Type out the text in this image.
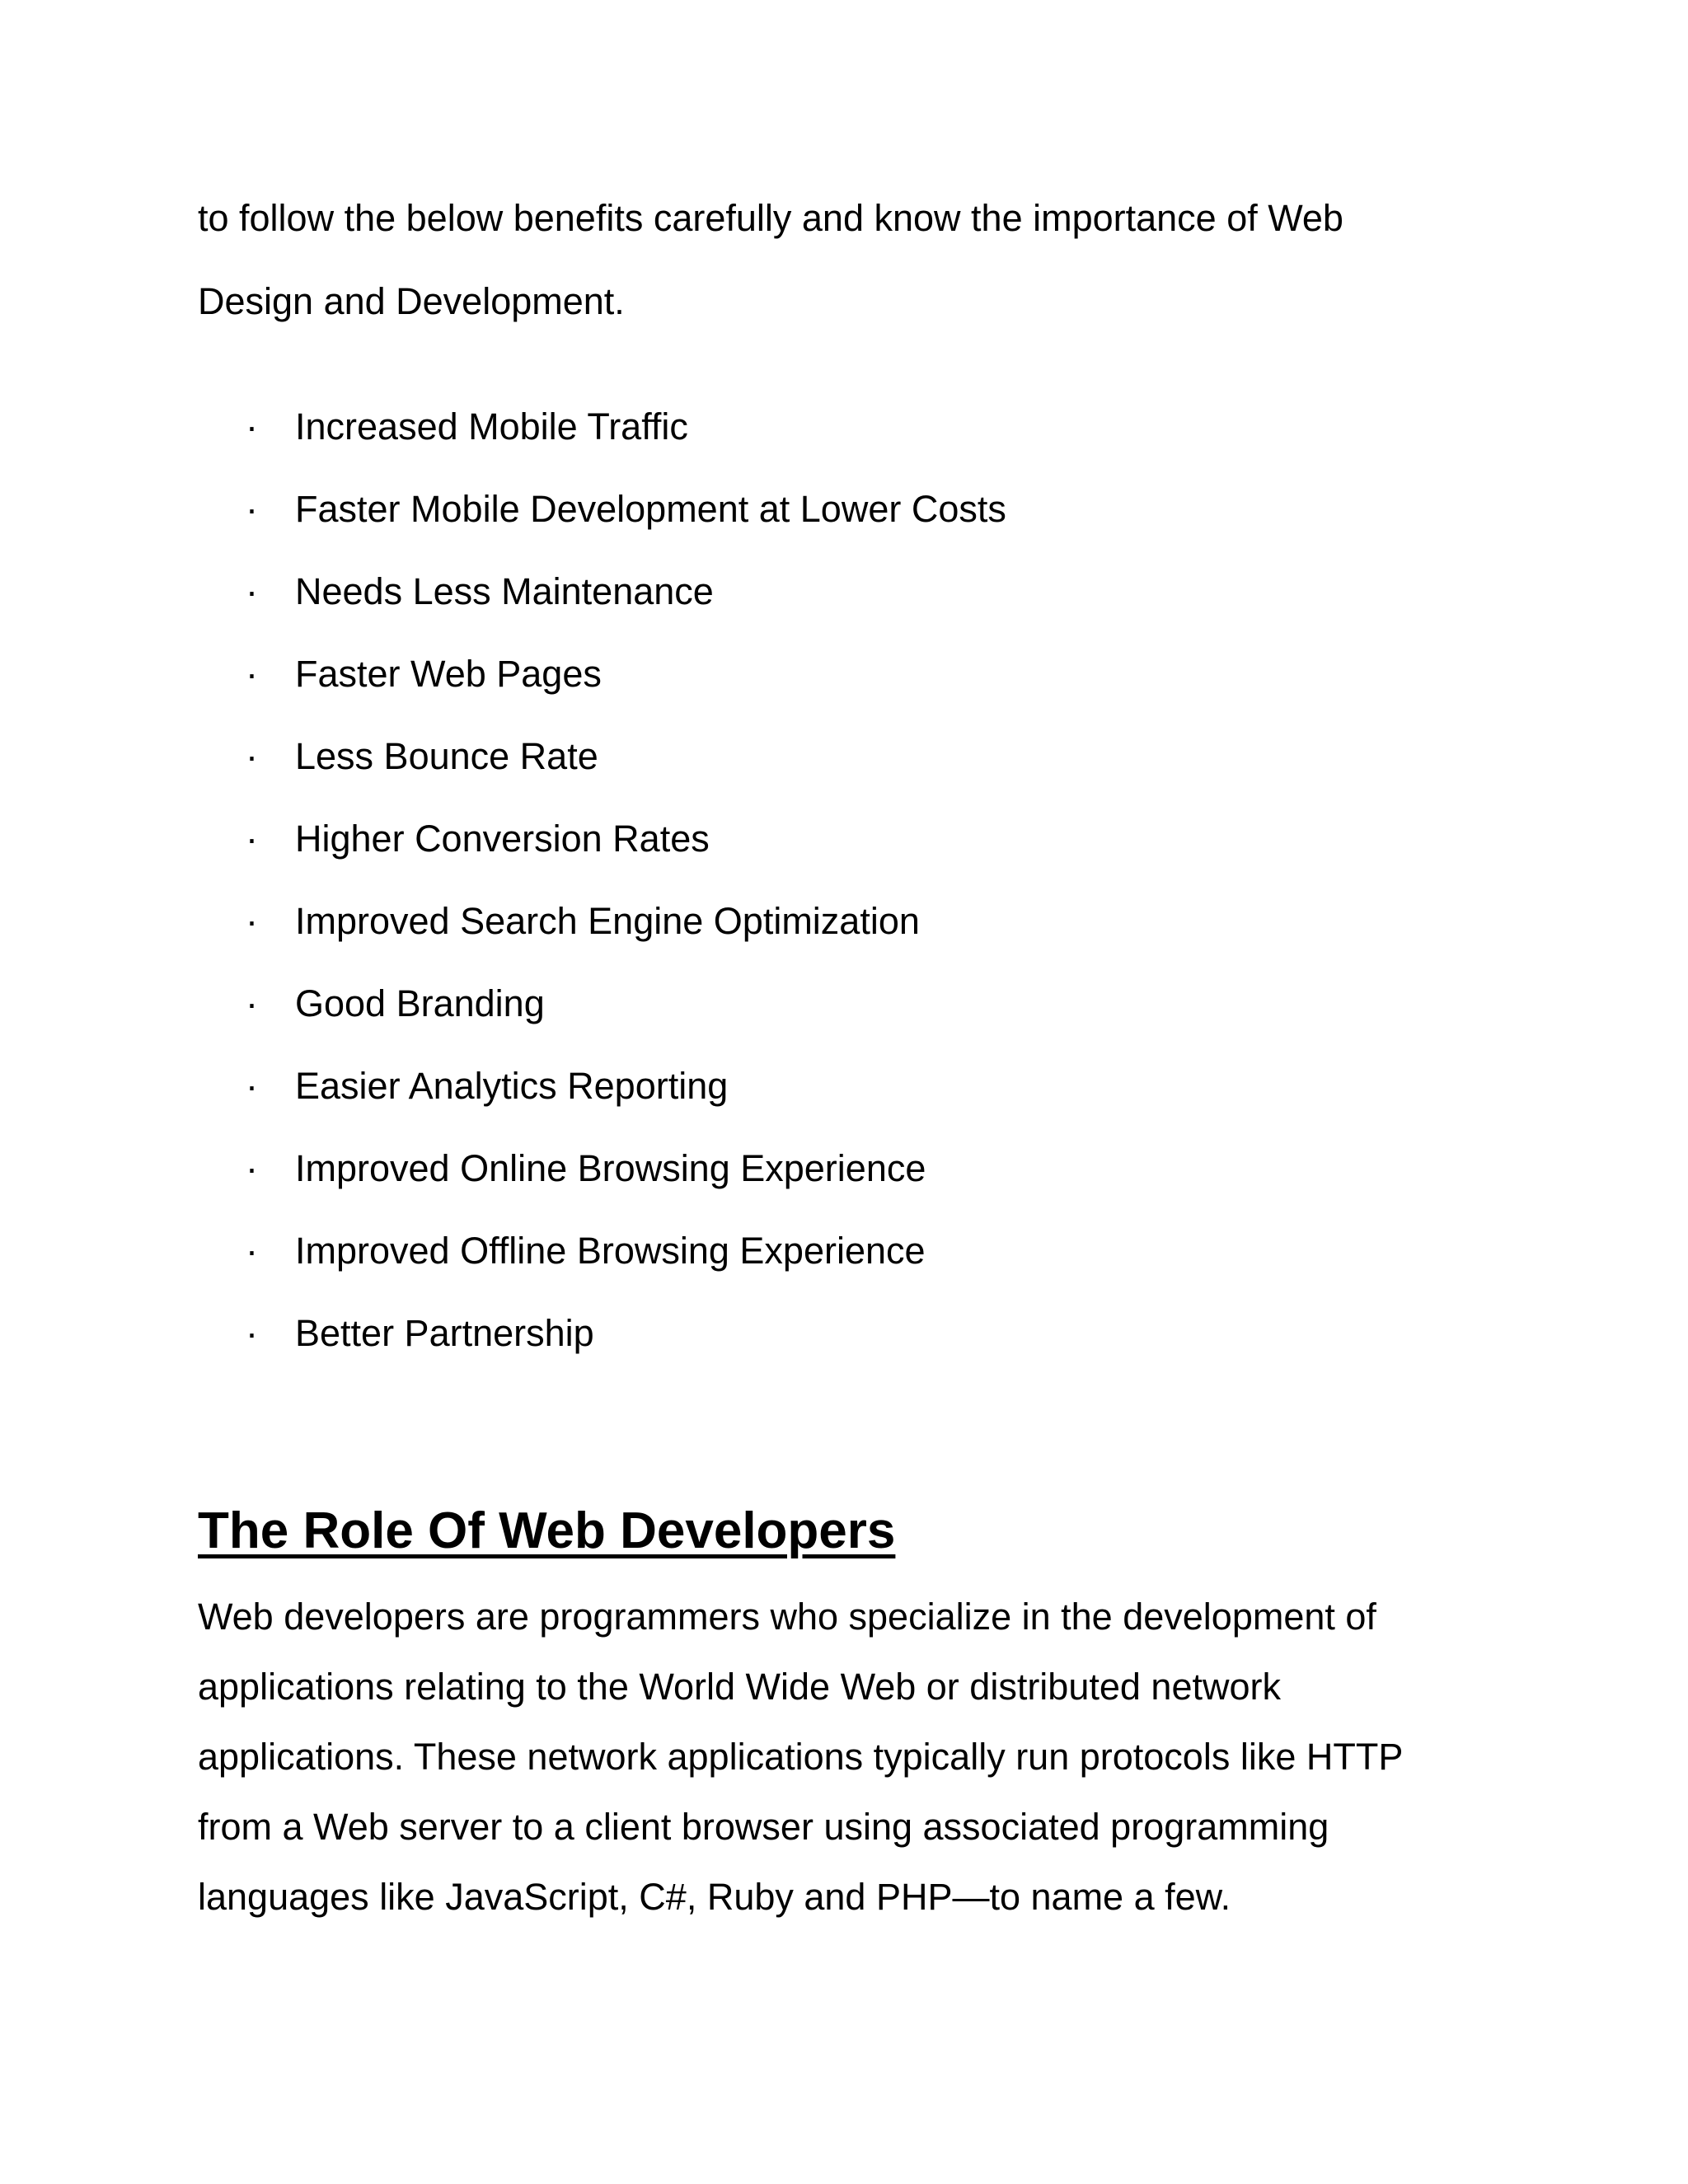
to follow the below benefits carefully and know the importance of Web
Design and Development.
· Increased Mobile Traffic
· Faster Mobile Development at Lower Costs
· Needs Less Maintenance
· Faster Web Pages
· Less Bounce Rate
· Higher Conversion Rates
· Improved Search Engine Optimization
· Good Branding
· Easier Analytics Reporting
· Improved Online Browsing Experience
· Improved Offline Browsing Experience
· Better Partnership
The Role Of Web Developers
Web developers are programmers who specialize in the development of
applications relating to the World Wide Web or distributed network
applications. These network applications typically run protocols like HTTP
from a Web server to a client browser using associated programming
languages like JavaScript, C#, Ruby and PHP—to name a few.
